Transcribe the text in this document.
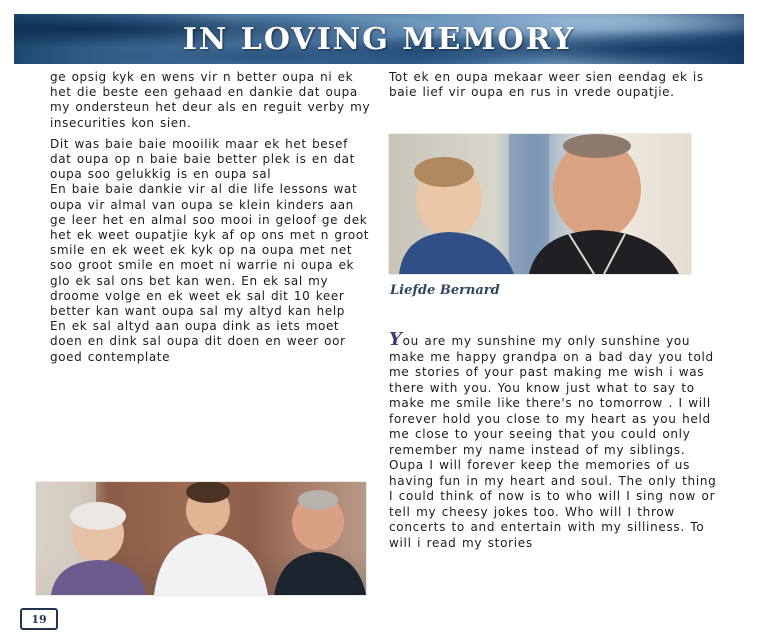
IN LOVING MEMORY

ge opsig kyk en wens vir n better oupa ni ek het die beste een gehaad en dankie dat oupa my ondersteun het deur als en reguit verby my insecurities kon sien.

Dit was baie baie mooilik maar ek het besef dat oupa op n baie baie better plek is en dat oupa soo gelukkig is en oupa sal

En baie baie dankie vir al die life lessons wat oupa vir almal van oupa se klein kinders aan ge leer het en almal soo mooi in geloof ge dek het ek weet oupatjie kyk af op ons met n groot smile en ek weet ek kyk op na oupa met net soo groot smile en moet ni warrie ni oupa ek glo ek sal ons bet kan wen. En ek sal my droome volge en ek weet ek sal dit 10 keer better kan want oupa sal my altyd kan help

En ek sal altyd aan oupa dink as iets moet doen en dink sal oupa dit doen en weer oor goed contemplate

Tot ek en oupa mekaar weer sien eendag ek is baie lief vir oupa en rus in vrede oupatjie.

Liefde Bernard
You are my sunshine my only sunshine you make me happy grandpa on a bad day you told me stories of your past making me wish i was there with you. You know just what to say to make me smile like there's no tomorrow . I will forever hold you close to my heart as you held me close to your seeing that you could only remember my name instead of my siblings. Oupa I will forever keep the memories of us having fun in my heart and soul. The only thing I could think of now is to who will I sing now or tell my cheesy jokes too. Who will I throw concerts to and entertain with my silliness. To will i read my stories
19
